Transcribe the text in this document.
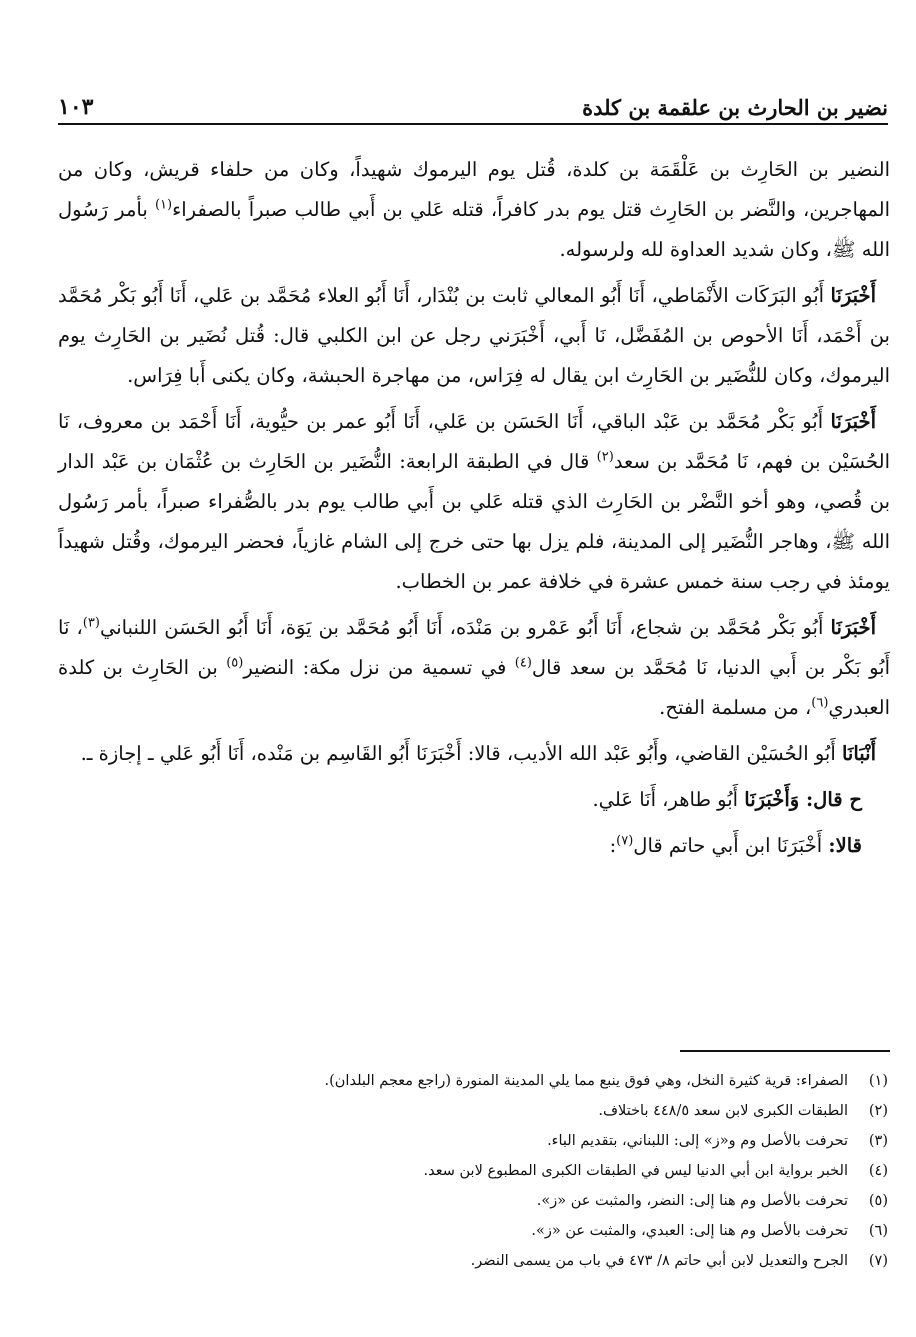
نضير بن الحارث بن علقمة بن كلدة
١٠٣

النضير بن الحَارِث بن عَلْقَمَة بن كلدة، قُتل يوم اليرموك شهيداً، وكان من حلفاء قريش، وكان من المهاجرين، والنَّضر بن الحَارِث قتل يوم بدر كافراً، قتله عَلي بن أَبي طالب صبراً بالصفراء$^{(١)}$ بأمر رَسُول الله ﷺ، وكان شديد العداوة لله ولرسوله.

أَخْبَرَنَا أَبُو البَرَكَات الأَنْمَاطي، أَنَا أَبُو المعالي ثابت بن بُنْدَار، أَنَا أَبُو العلاء مُحَمَّد بن عَلي، أَنَا أَبُو بَكْر مُحَمَّد بن أَحْمَد، أَنَا الأحوص بن المُفَضَّل، نَا أَبي، أَخْبَرَني رجل عن ابن الكلبي قال: قُتل نُضَير بن الحَارِث يوم اليرموك، وكان للنُّضَير بن الحَارِث ابن يقال له فِرَاس، من مهاجرة الحبشة، وكان يكنى أَبا فِرَاس.

أَخْبَرَنَا أَبُو بَكْر مُحَمَّد بن عَبْد الباقي، أَنَا الحَسَن بن عَلي، أَنَا أَبُو عمر بن حيُّوية، أَنَا أَحْمَد بن معروف، نَا الحُسَيْن بن فهم، نَا مُحَمَّد بن سعد$^{(٢)}$ قال في الطبقة الرابعة: النُّضَير بن الحَارِث بن عُثْمَان بن عَبْد الدار بن قُصي، وهو أخو النَّضْر بن الحَارِث الذي قتله عَلي بن أَبي طالب يوم بدر بالصُّفراء صبراً، بأمر رَسُول الله ﷺ، وهاجر النُّضَير إلى المدينة، فلم يزل بها حتى خرج إلى الشام غازياً، فحضر اليرموك، وقُتل شهيداً يومئذ في رجب سنة خمس عشرة في خلافة عمر بن الخطاب.

أَخْبَرَنَا أَبُو بَكْر مُحَمَّد بن شجاع، أَنَا أَبُو عَمْرو بن مَنْدَه، أَنَا أَبُو مُحَمَّد بن يَوَة، أَنَا أَبُو الحَسَن اللنباني$^{(٣)}$، نَا أَبُو بَكْر بن أَبي الدنيا، نَا مُحَمَّد بن سعد قال$^{(٤)}$ في تسمية من نزل مكة: النضير$^{(٥)}$ بن الحَارِث بن كلدة العبدري$^{(٦)}$، من مسلمة الفتح.

أَنْبَانَا أَبُو الحُسَيْن القاضي، وأَبُو عَبْد الله الأديب، قالا: أَخْبَرَنَا أَبُو القَاسِم بن مَنْده، أَنَا أَبُو عَلي ـ إجازة ـ.

ح قال: وَأَخْبَرَنَا أَبُو طاهر، أَنَا عَلي.

قالا: أَخْبَرَنَا ابن أَبي حاتم قال$^{(٧)}$:

(١)
الصفراء: قرية كثيرة النخل، وهي فوق ينبع مما يلي المدينة المنورة (راجع معجم البلدان).
(٢)
الطبقات الكبرى لابن سعد ٤٤٨/٥ باختلاف.
(٣)
تحرفت بالأصل وم و«ز» إلى: اللبناني، بتقديم الباء.
(٤)
الخبر برواية ابن أبي الدنيا ليس في الطبقات الكبرى المطبوع لابن سعد.
(٥)
تحرفت بالأصل وم هنا إلى: النضر، والمثبت عن «ز».
(٦)
تحرفت بالأصل وم هنا إلى: العبدي، والمثبت عن «ز».
(٧)
الجرح والتعديل لابن أبي حاتم ٨/ ٤٧٣ في باب من يسمى النضر.
